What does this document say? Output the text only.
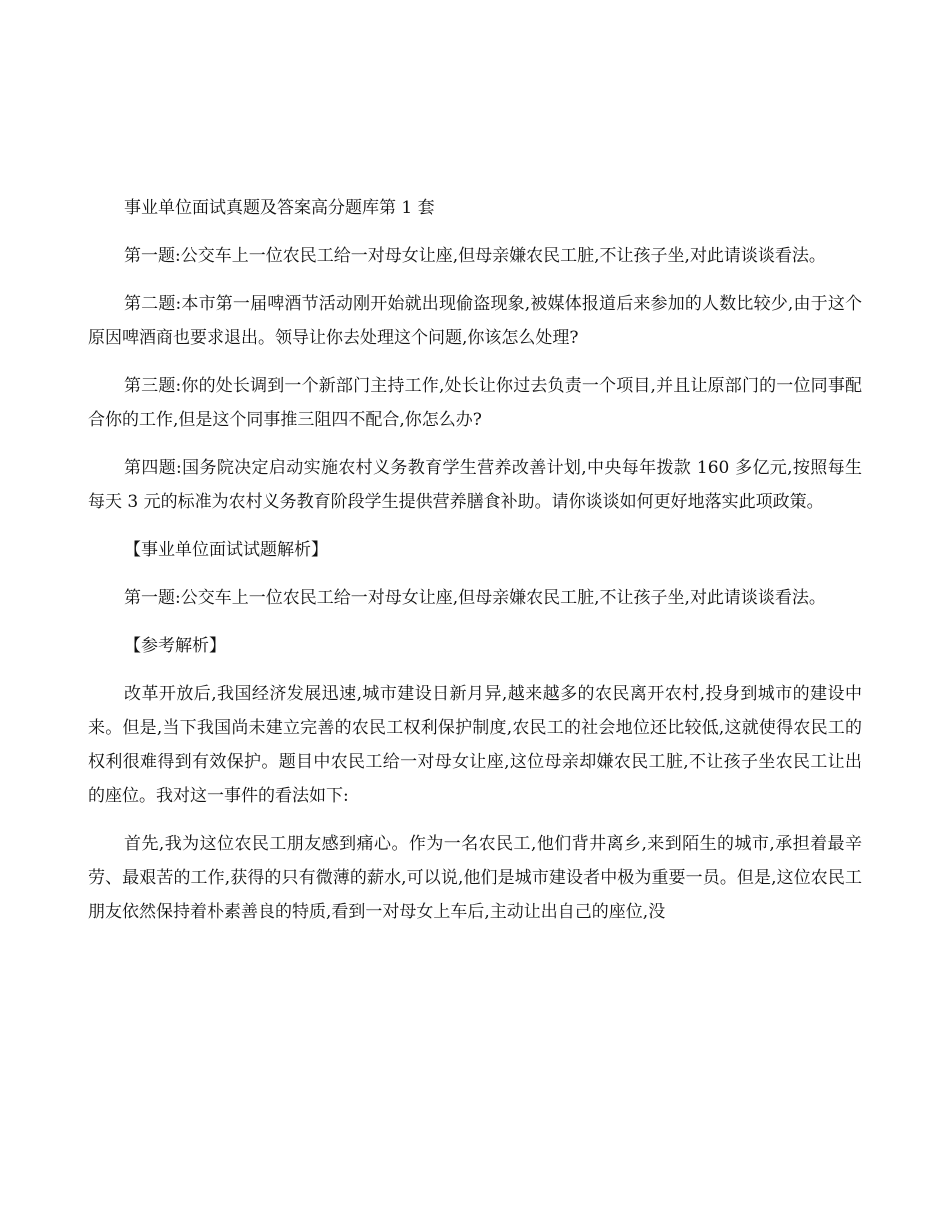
事业单位面试真题及答案高分题库第 1 套

第一题:公交车上一位农民工给一对母女让座,但母亲嫌农民工脏,不让孩子坐,对此请谈谈看法。

第二题:本市第一届啤酒节活动刚开始就出现偷盗现象,被媒体报道后来参加的人数比较少,由于这个原因啤酒商也要求退出。领导让你去处理这个问题,你该怎么处理?

第三题:你的处长调到一个新部门主持工作,处长让你过去负责一个项目,并且让原部门的一位同事配合你的工作,但是这个同事推三阻四不配合,你怎么办?

第四题:国务院决定启动实施农村义务教育学生营养改善计划,中央每年拨款 160 多亿元,按照每生每天 3 元的标准为农村义务教育阶段学生提供营养膳食补助。请你谈谈如何更好地落实此项政策。

【事业单位面试试题解析】

第一题:公交车上一位农民工给一对母女让座,但母亲嫌农民工脏,不让孩子坐,对此请谈谈看法。

【参考解析】

改革开放后,我国经济发展迅速,城市建设日新月异,越来越多的农民离开农村,投身到城市的建设中来。但是,当下我国尚未建立完善的农民工权利保护制度,农民工的社会地位还比较低,这就使得农民工的权利很难得到有效保护。题目中农民工给一对母女让座,这位母亲却嫌农民工脏,不让孩子坐农民工让出的座位。我对这一事件的看法如下:

首先,我为这位农民工朋友感到痛心。作为一名农民工,他们背井离乡,来到陌生的城市,承担着最辛劳、最艰苦的工作,获得的只有微薄的薪水,可以说,他们是城市建设者中极为重要一员。但是,这位农民工朋友依然保持着朴素善良的特质,看到一对母女上车后,主动让出自己的座位,没
